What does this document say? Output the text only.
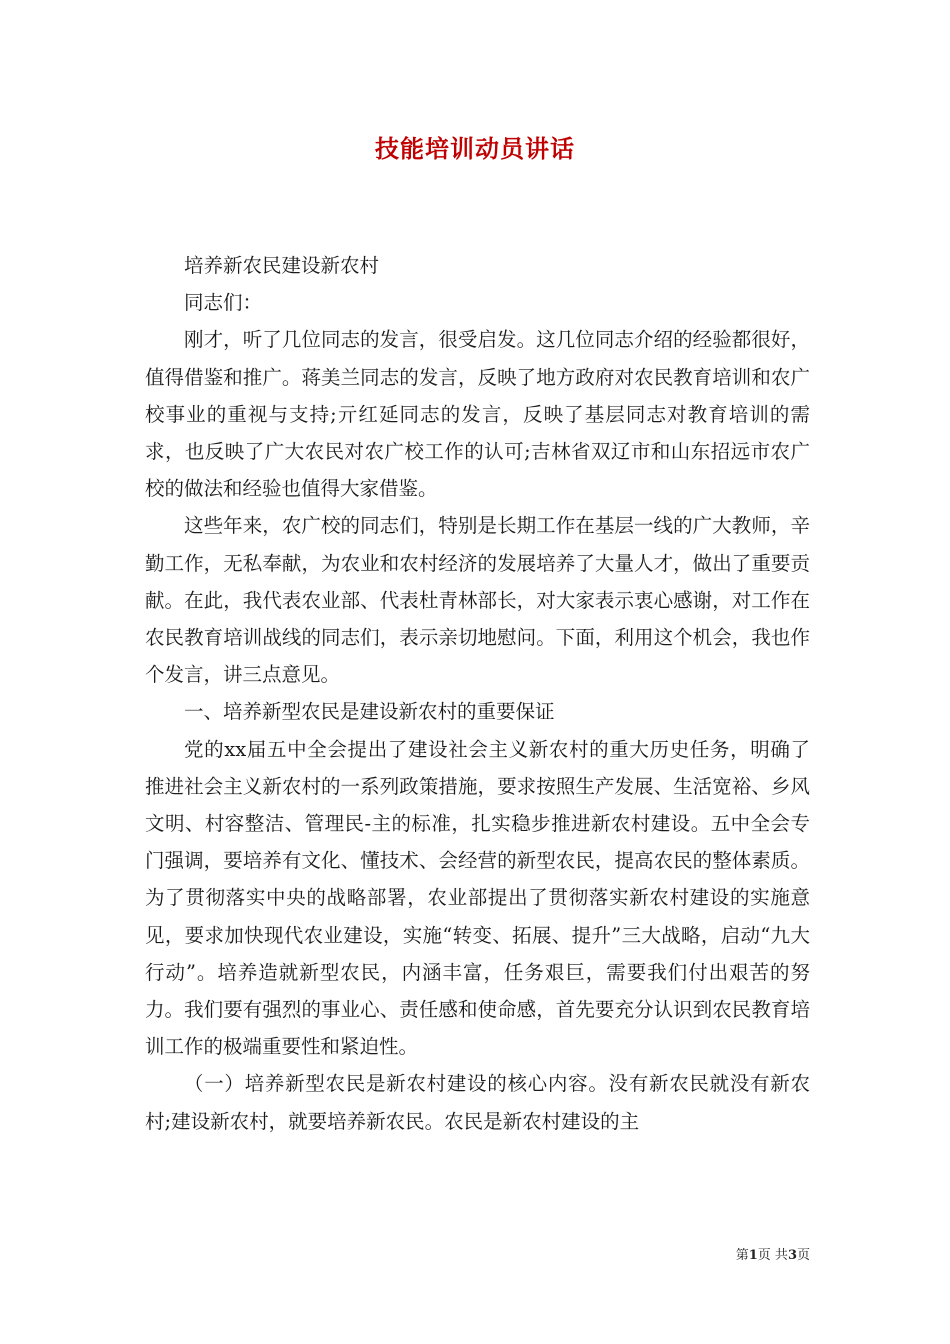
技能培训动员讲话

培养新农民建设新农村

同志们：

刚才，听了几位同志的发言，很受启发。这几位同志介绍的经验都很好，值得借鉴和推广。蒋美兰同志的发言，反映了地方政府对农民教育培训和农广校事业的重视与支持;亓红延同志的发言，反映了基层同志对教育培训的需求，也反映了广大农民对农广校工作的认可;吉林省双辽市和山东招远市农广校的做法和经验也值得大家借鉴。

这些年来，农广校的同志们，特别是长期工作在基层一线的广大教师，辛勤工作，无私奉献，为农业和农村经济的发展培养了大量人才，做出了重要贡献。在此，我代表农业部、代表杜青林部长，对大家表示衷心感谢，对工作在农民教育培训战线的同志们，表示亲切地慰问。下面，利用这个机会，我也作个发言，讲三点意见。

一、培养新型农民是建设新农村的重要保证

党的xx届五中全会提出了建设社会主义新农村的重大历史任务，明确了推进社会主义新农村的一系列政策措施，要求按照生产发展、生活宽裕、乡风文明、村容整洁、管理民-主的标准，扎实稳步推进新农村建设。五中全会专门强调，要培养有文化、懂技术、会经营的新型农民，提高农民的整体素质。为了贯彻落实中央的战略部署，农业部提出了贯彻落实新农村建设的实施意见，要求加快现代农业建设，实施“转变、拓展、提升”三大战略，启动“九大行动”。培养造就新型农民，内涵丰富，任务艰巨，需要我们付出艰苦的努力。我们要有强烈的事业心、责任感和使命感，首先要充分认识到农民教育培训工作的极端重要性和紧迫性。

（一）培养新型农民是新农村建设的核心内容。没有新农民就没有新农村;建设新农村，就要培养新农民。农民是新农村建设的主

第1页 共3页
